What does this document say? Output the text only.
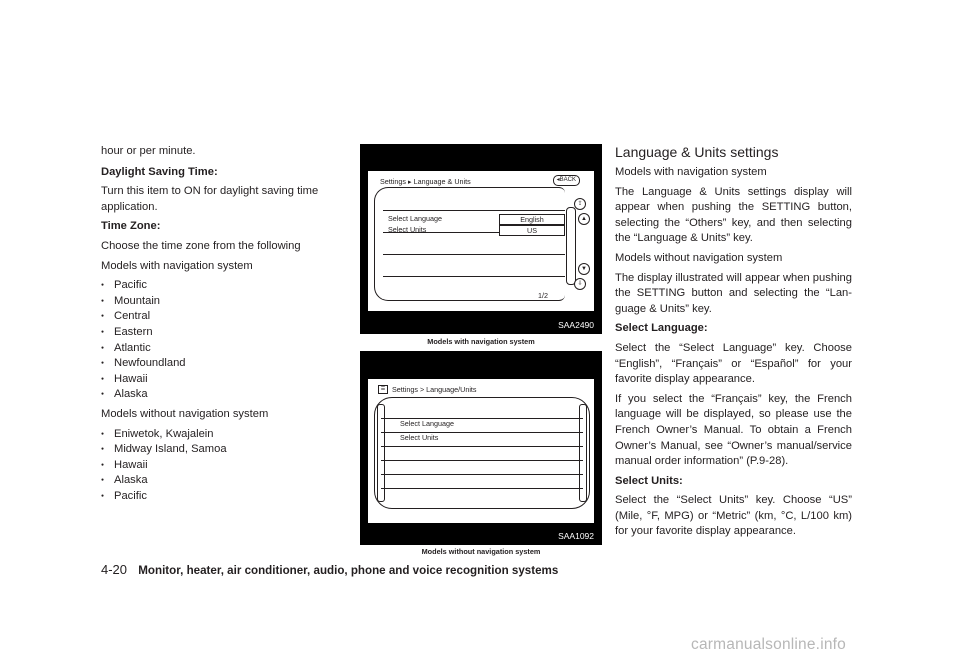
hour or per minute.

Daylight Saving Time:

Turn this item to ON for daylight saving time application.

Time Zone:

Choose the time zone from the following

Models with navigation system

● Pacific

● Mountain

● Central

● Eastern

● Atlantic

● Newfoundland

● Hawaii

● Alaska

Models without navigation system

● Eniwetok, Kwajalein

● Midway Island, Samoa

● Hawaii

● Alaska

● Pacific

Settings ▸ Language & Units	◂BACK
Select Language
Select Units
English
US
1/2
⇪
▲
▼
⇩
SAA2490
Models with navigation system
☰ Settings > Language/Units
Select Language
Select Units
SAA1092
Models without navigation system
Language & Units settings

Models with navigation system

The Language & Units settings display will appear when pushing the SETTING button, selecting the “Others” key, and then selecting the “Language & Units” key.

Models without navigation system

The display illustrated will appear when pushing the SETTING button and selecting the “Lan-guage & Units” key.

Select Language:

Select the “Select Language” key. Choose “English”, “Français” or “Español” for your favorite display appearance.

If you select the “Français” key, the French language will be displayed, so please use the French Owner’s Manual. To obtain a French Owner’s Manual, see “Owner’s manual/service manual order information” (P.9-28).

Select Units:

Select the “Select Units” key. Choose “US” (Mile, °F, MPG) or “Metric” (km, °C, L/100 km) for your favorite display appearance.

4-20 Monitor, heater, air conditioner, audio, phone and voice recognition systems
carmanualsonline.info
